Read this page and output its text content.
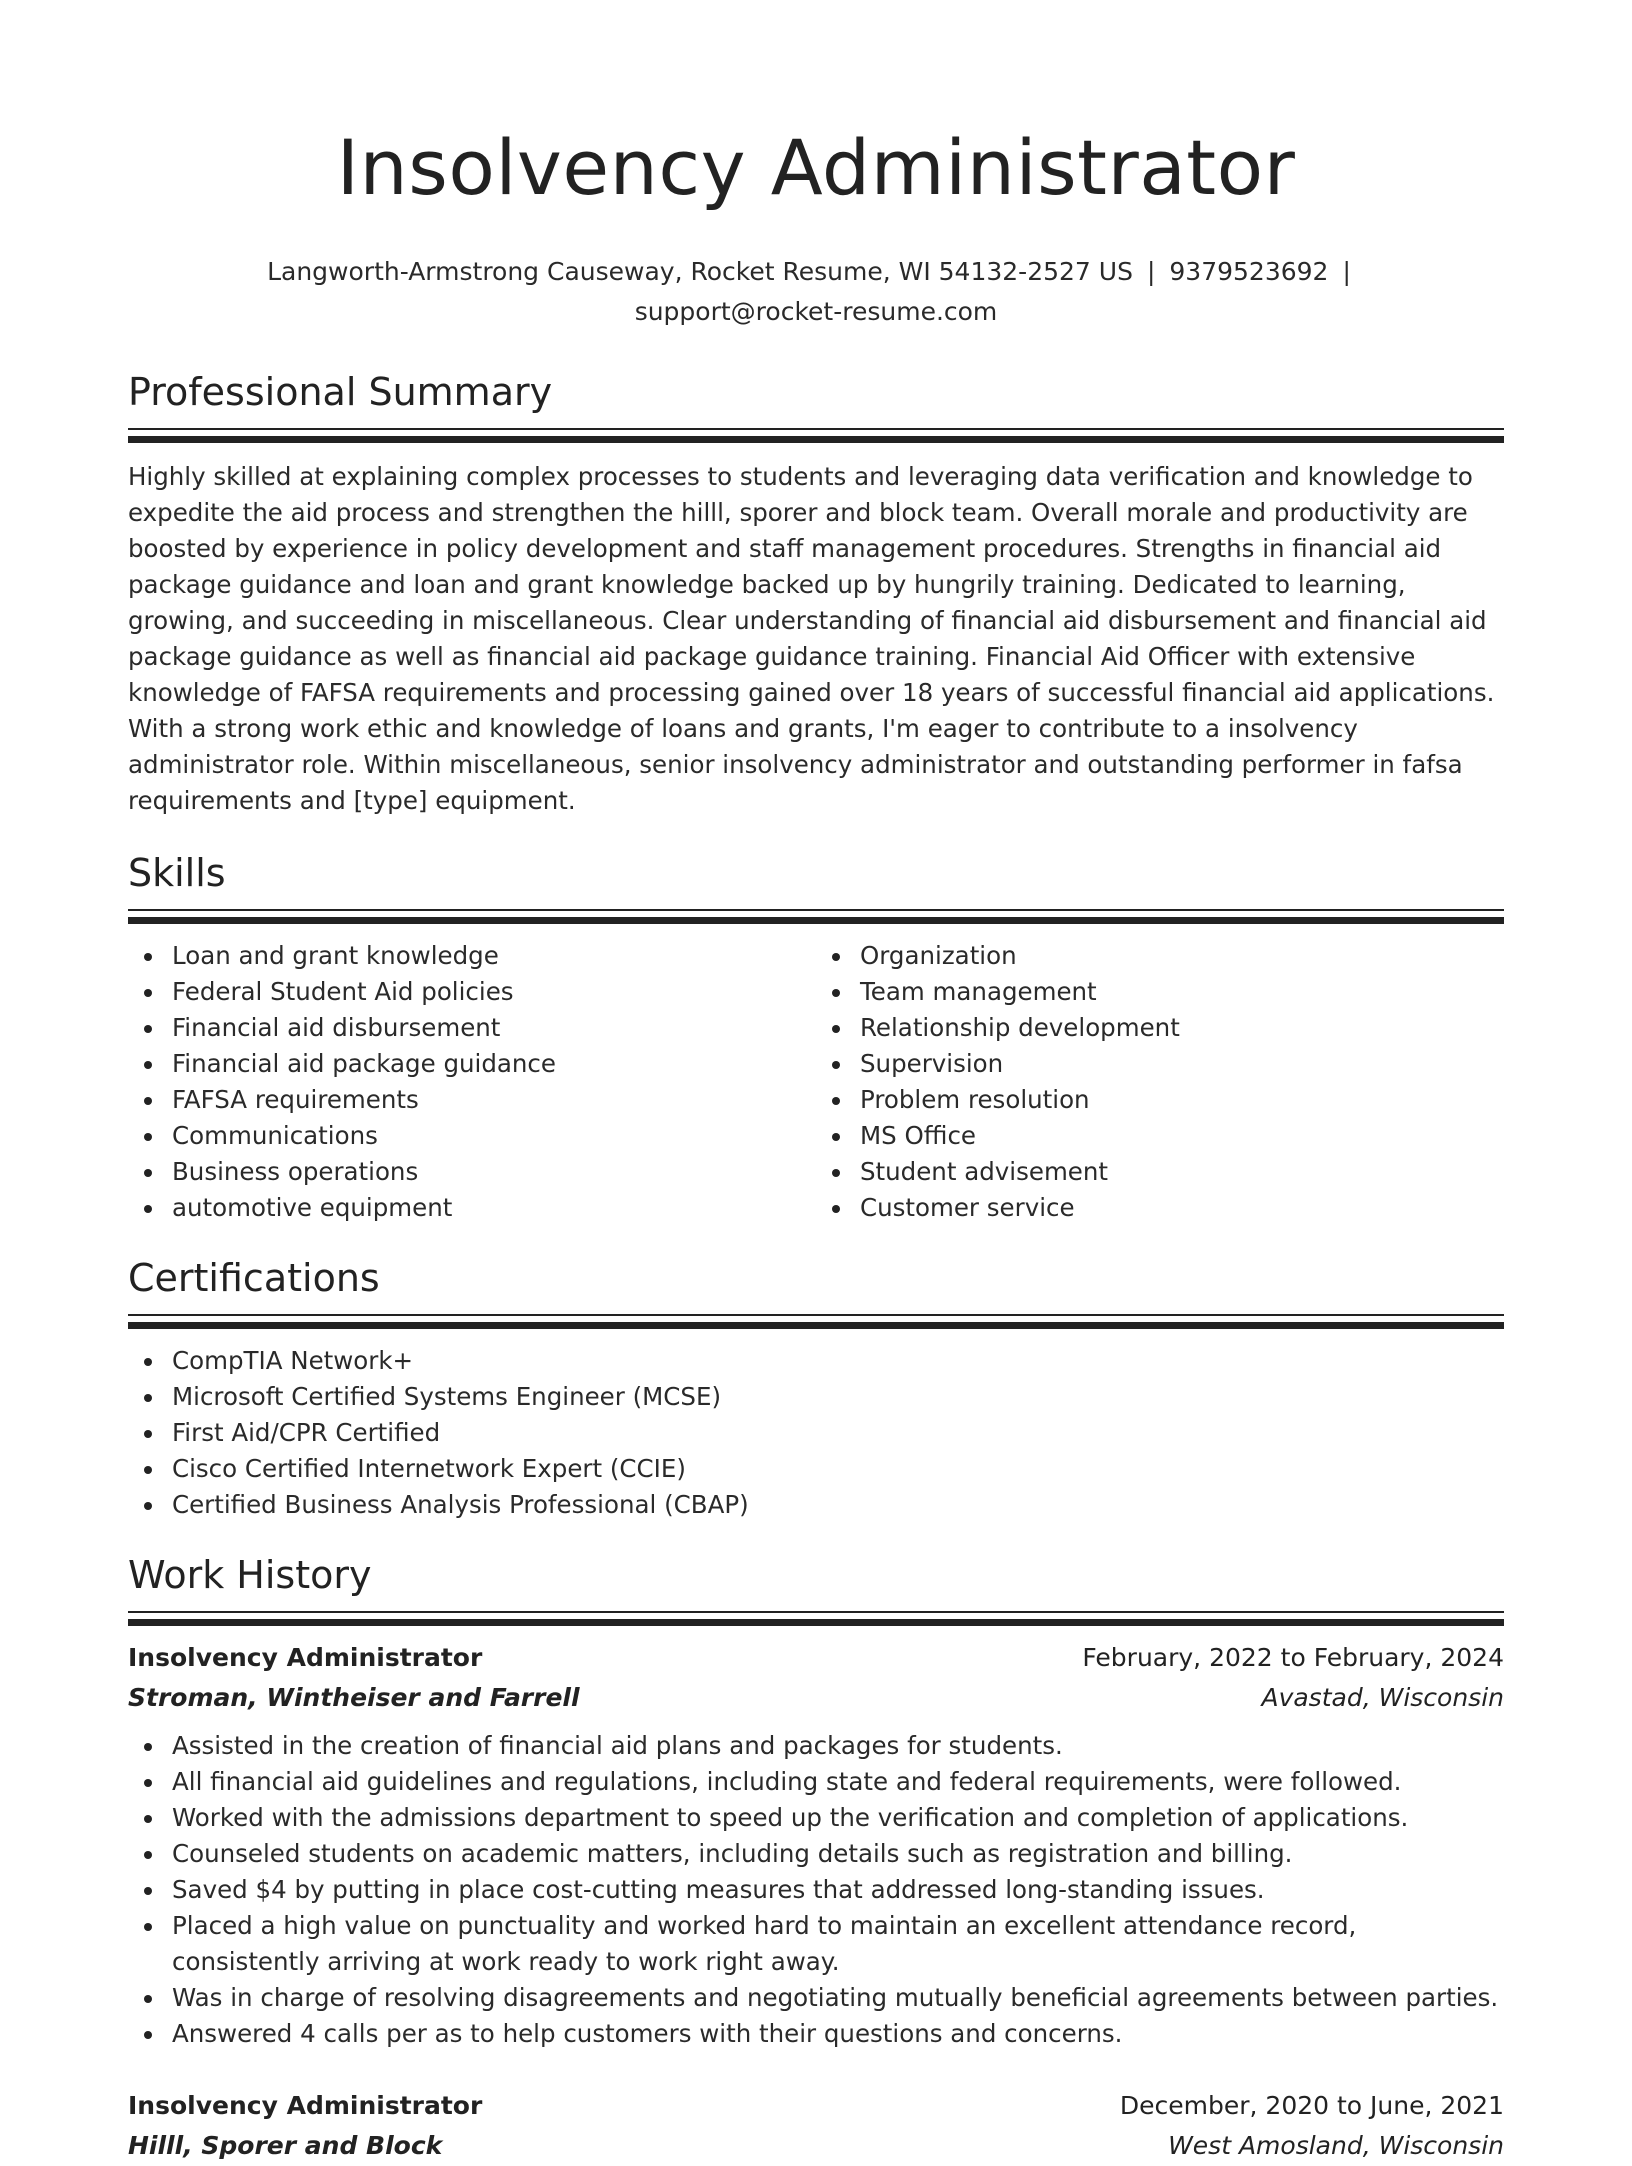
Insolvency Administrator
Langworth-Armstrong Causeway, Rocket Resume, WI 54132-2527 US | 9379523692 |
support@rocket-resume.com
Professional Summary

Highly skilled at explaining complex processes to students and leveraging data verification and knowledge to expedite the aid process and strengthen the hilll, sporer and block team. Overall morale and productivity are boosted by experience in policy development and staff management procedures. Strengths in financial aid package guidance and loan and grant knowledge backed up by hungrily training. Dedicated to learning, growing, and succeeding in miscellaneous. Clear understanding of financial aid disbursement and financial aid package guidance as well as financial aid package guidance training. Financial Aid Officer with extensive knowledge of FAFSA requirements and processing gained over 18 years of successful financial aid applications. With a strong work ethic and knowledge of loans and grants, I'm eager to contribute to a insolvency administrator role. Within miscellaneous, senior insolvency administrator and outstanding performer in fafsa requirements and [type] equipment.

Skills
Loan and grant knowledge
Federal Student Aid policies
Financial aid disbursement
Financial aid package guidance
FAFSA requirements
Communications
Business operations
automotive equipment
Organization
Team management
Relationship development
Supervision
Problem resolution
MS Office
Student advisement
Customer service
Certifications
CompTIA Network+
Microsoft Certified Systems Engineer (MCSE)
First Aid/CPR Certified
Cisco Certified Internetwork Expert (CCIE)
Certified Business Analysis Professional (CBAP)
Work History
Insolvency Administrator	February, 2022 to February, 2024
Stroman, Wintheiser and Farrell	Avastad, Wisconsin
Assisted in the creation of financial aid plans and packages for students.
All financial aid guidelines and regulations, including state and federal requirements, were followed.
Worked with the admissions department to speed up the verification and completion of applications.
Counseled students on academic matters, including details such as registration and billing.
Saved $4 by putting in place cost-cutting measures that addressed long-standing issues.
Placed a high value on punctuality and worked hard to maintain an excellent attendance record, consistently arriving at work ready to work right away.
Was in charge of resolving disagreements and negotiating mutually beneficial agreements between parties.
Answered 4 calls per as to help customers with their questions and concerns.
Insolvency Administrator	December, 2020 to June, 2021
Hilll, Sporer and Block	West Amosland, Wisconsin
